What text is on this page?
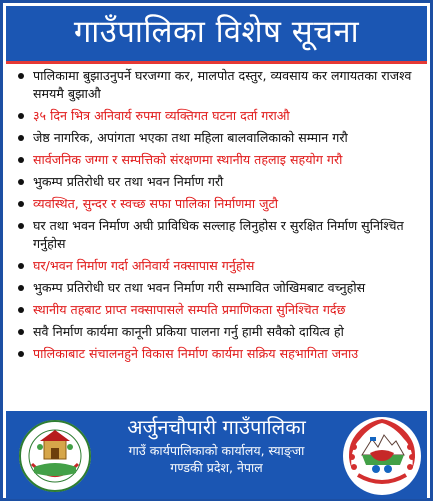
गाउँपालिका विशेष सूचना
पालिकामा बुझाउनुपर्ने घरजग्गा कर, मालपोत दस्तुर, व्यवसाय कर लगायतका राजश्व समयमै बुझाऔ
३५ दिन भित्र अनिवार्य रुपमा व्यक्तिगत घटना दर्ता गराऔ
जेष्ठ नागरिक, अपांगता भएका तथा महिला बालवालिकाको सम्मान गरौ
सार्वजनिक जग्गा र सम्पत्तिको संरक्षणमा स्थानीय तहलाइ सहयोग गरौ
भुकम्प प्रतिरोधी घर तथा भवन निर्माण गरौ
व्यवस्थित, सुन्दर र स्वच्छ सफा पालिका निर्माणमा जुटौ
घर तथा भवन निर्माण अघी प्राविधिक सल्लाह लिनुहोस र सुरक्षित निर्माण सुनिश्चित गर्नुहोस
घर/भवन निर्माण गर्दा अनिवार्य नक्सापास गर्नुहोस
भुकम्प प्रतिरोधी घर तथा भवन निर्माण गरी सम्भावित जोखिमबाट वच्नुहोस
स्थानीय तहबाट प्राप्त नक्सापासले सम्पति प्रमाणिकता सुनिश्चित गर्दछ
सवै निर्माण कार्यमा कानूनी प्रकिया पालना गर्नु हामी सवैको दायित्व हो
पालिकाबाट संचालनहुने विकास निर्माण कार्यमा सक्रिय सहभागिता जनाउ
अर्जुनचौपारी गाउँपालिका
गाउँ कार्यपालिकाको कार्यालय, स्याङ्जा
गण्डकी प्रदेश, नेपाल
